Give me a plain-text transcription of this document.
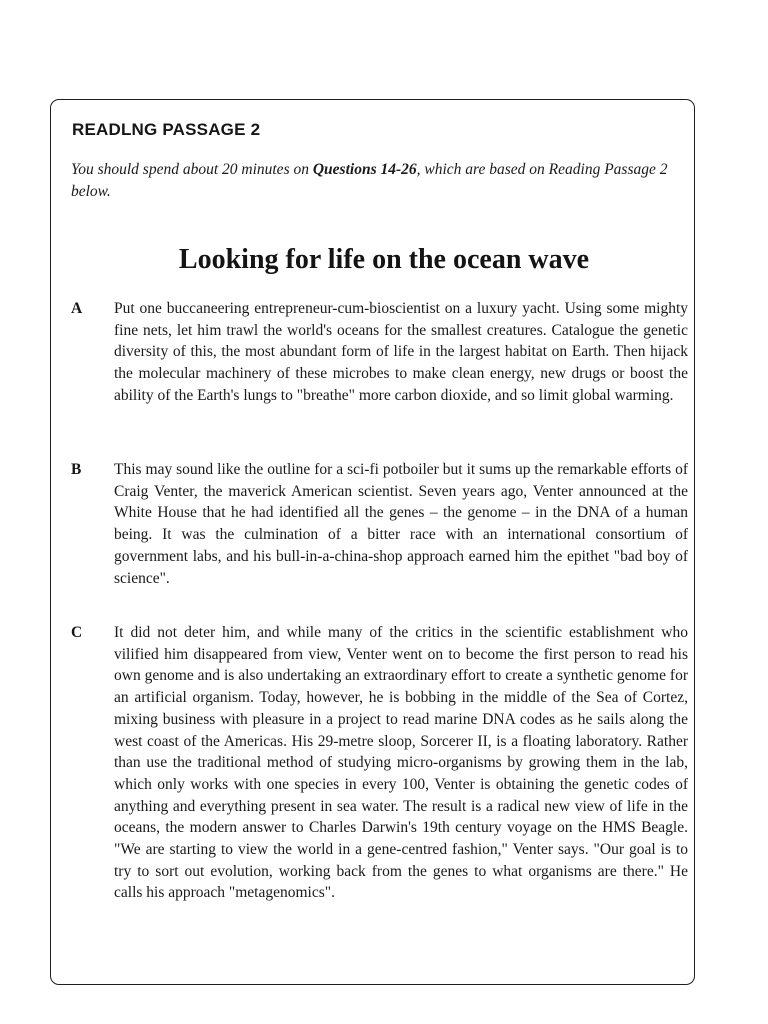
READLNG PASSAGE 2

You should spend about 20 minutes on Questions 14-26, which are based on Reading Passage 2 below.

Looking for life on the ocean wave
A Put one buccaneering entrepreneur-cum-bioscientist on a luxury yacht. Using some mighty fine nets, let him trawl the world's oceans for the smallest creatures. Catalogue the genetic diversity of this, the most abundant form of life in the largest habitat on Earth. Then hijack the molecular machinery of these microbes to make clean energy, new drugs or boost the ability of the Earth's lungs to "breathe" more carbon dioxide, and so limit global warming.

B This may sound like the outline for a sci-fi potboiler but it sums up the remarkable efforts of Craig Venter, the maverick American scientist. Seven years ago, Venter announced at the White House that he had identified all the genes – the genome – in the DNA of a human being. It was the culmination of a bitter race with an international consortium of government labs, and his bull-in-a-china-shop approach earned him the epithet "bad boy of science".

C It did not deter him, and while many of the critics in the scientific establishment who vilified him disappeared from view, Venter went on to become the first person to read his own genome and is also undertaking an extraordinary effort to create a synthetic genome for an artificial organism. Today, however, he is bobbing in the middle of the Sea of Cortez, mixing business with pleasure in a project to read marine DNA codes as he sails along the west coast of the Americas. His 29-metre sloop, Sorcerer II, is a floating laboratory. Rather than use the traditional method of studying micro-organisms by growing them in the lab, which only works with one species in every 100, Venter is obtaining the genetic codes of anything and everything present in sea water. The result is a radical new view of life in the oceans, the modern answer to Charles Darwin's 19th century voyage on the HMS Beagle. "We are starting to view the world in a gene-centred fashion," Venter says. "Our goal is to try to sort out evolution, working back from the genes to what organisms are there." He calls his approach "metagenomics".
